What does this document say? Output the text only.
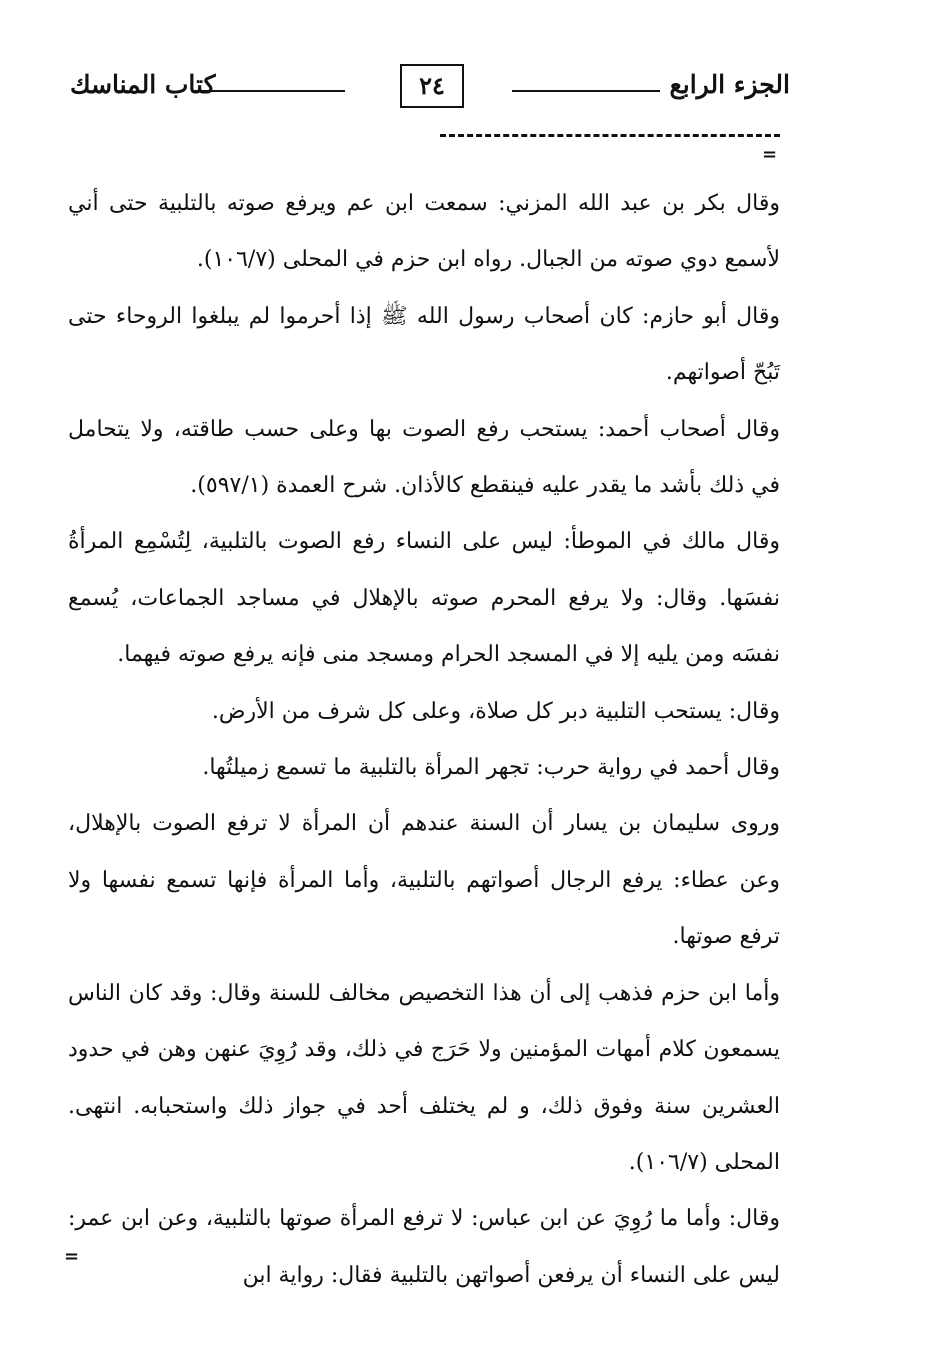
الجزء الرابع
٢٤
كتاب المناسك
=

وقال بكر بن عبد الله المزني: سمعت ابن عم ويرفع صوته بالتلبية حتى أني لأسمع دوي صوته من الجبال. رواه ابن حزم في المحلى (١٠٦/٧).

وقال أبو حازم: كان أصحاب رسول الله ﷺ إذا أحرموا لم يبلغوا الروحاء حتى تَبُحّ أصواتهم.

وقال أصحاب أحمد: يستحب رفع الصوت بها وعلى حسب طاقته، ولا يتحامل في ذلك بأشد ما يقدر عليه فينقطع كالأذان. شرح العمدة (٥٩٧/١).

وقال مالك في الموطأ: ليس على النساء رفع الصوت بالتلبية، لِتُسْمِع المرأةُ نفسَها. وقال: ولا يرفع المحرم صوته بالإهلال في مساجد الجماعات، يُسمع نفسَه ومن يليه إلا في المسجد الحرام ومسجد منى فإنه يرفع صوته فيهما.

وقال: يستحب التلبية دبر كل صلاة، وعلى كل شرف من الأرض.

وقال أحمد في رواية حرب: تجهر المرأة بالتلبية ما تسمع زميلتُها.

وروى سليمان بن يسار أن السنة عندهم أن المرأة لا ترفع الصوت بالإهلال، وعن عطاء: يرفع الرجال أصواتهم بالتلبية، وأما المرأة فإنها تسمع نفسها ولا ترفع صوتها.

وأما ابن حزم فذهب إلى أن هذا التخصيص مخالف للسنة وقال: وقد كان الناس يسمعون كلام أمهات المؤمنين ولا حَرَج في ذلك، وقد رُوِيَ عنهن وهن في حدود العشرين سنة وفوق ذلك، و لم يختلف أحد في جواز ذلك واستحبابه. انتهى. المحلى (١٠٦/٧).

وقال: وأما ما رُوِيَ عن ابن عباس: لا ترفع المرأة صوتها بالتلبية، وعن ابن عمر: ليس على النساء أن يرفعن أصواتهن بالتلبية فقال: رواية ابن

=
